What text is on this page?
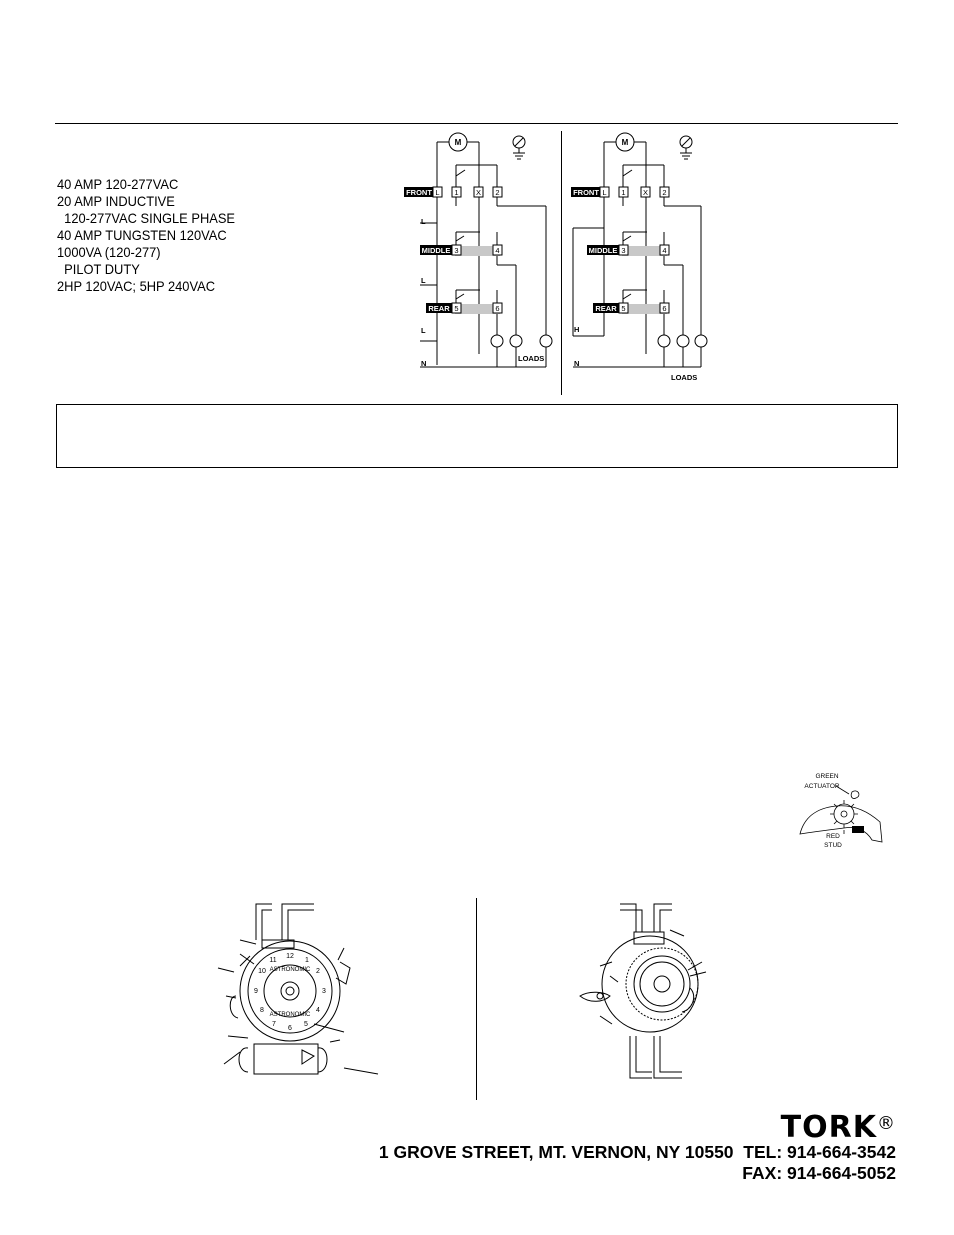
40 AMP 120-277VAC
20 AMP INDUCTIVE
120-277VAC SINGLE PHASE
40 AMP TUNGSTEN 120VAC
1000VA (120-277)
PILOT DUTY
2HP 120VAC; 5HP 240VAC
FRONT L 1 X 2
MIDDLE 3	4
REAR 5	6
M
L
L
L
N
LOADS
FRONT L 1 X 2
MIDDLE 3	4
REAR 5	6
M
H
N
LOADS
GREEN
ACTUATOR
RED
STUD
ASTRONOMIC
ASTRONOMIC
12
1
2
3
4
5
6
7
8
9
10
11
TORK®
1 GROVE STREET, MT. VERNON, NY 10550  TEL: 914-664-3542
FAX: 914-664-5052
